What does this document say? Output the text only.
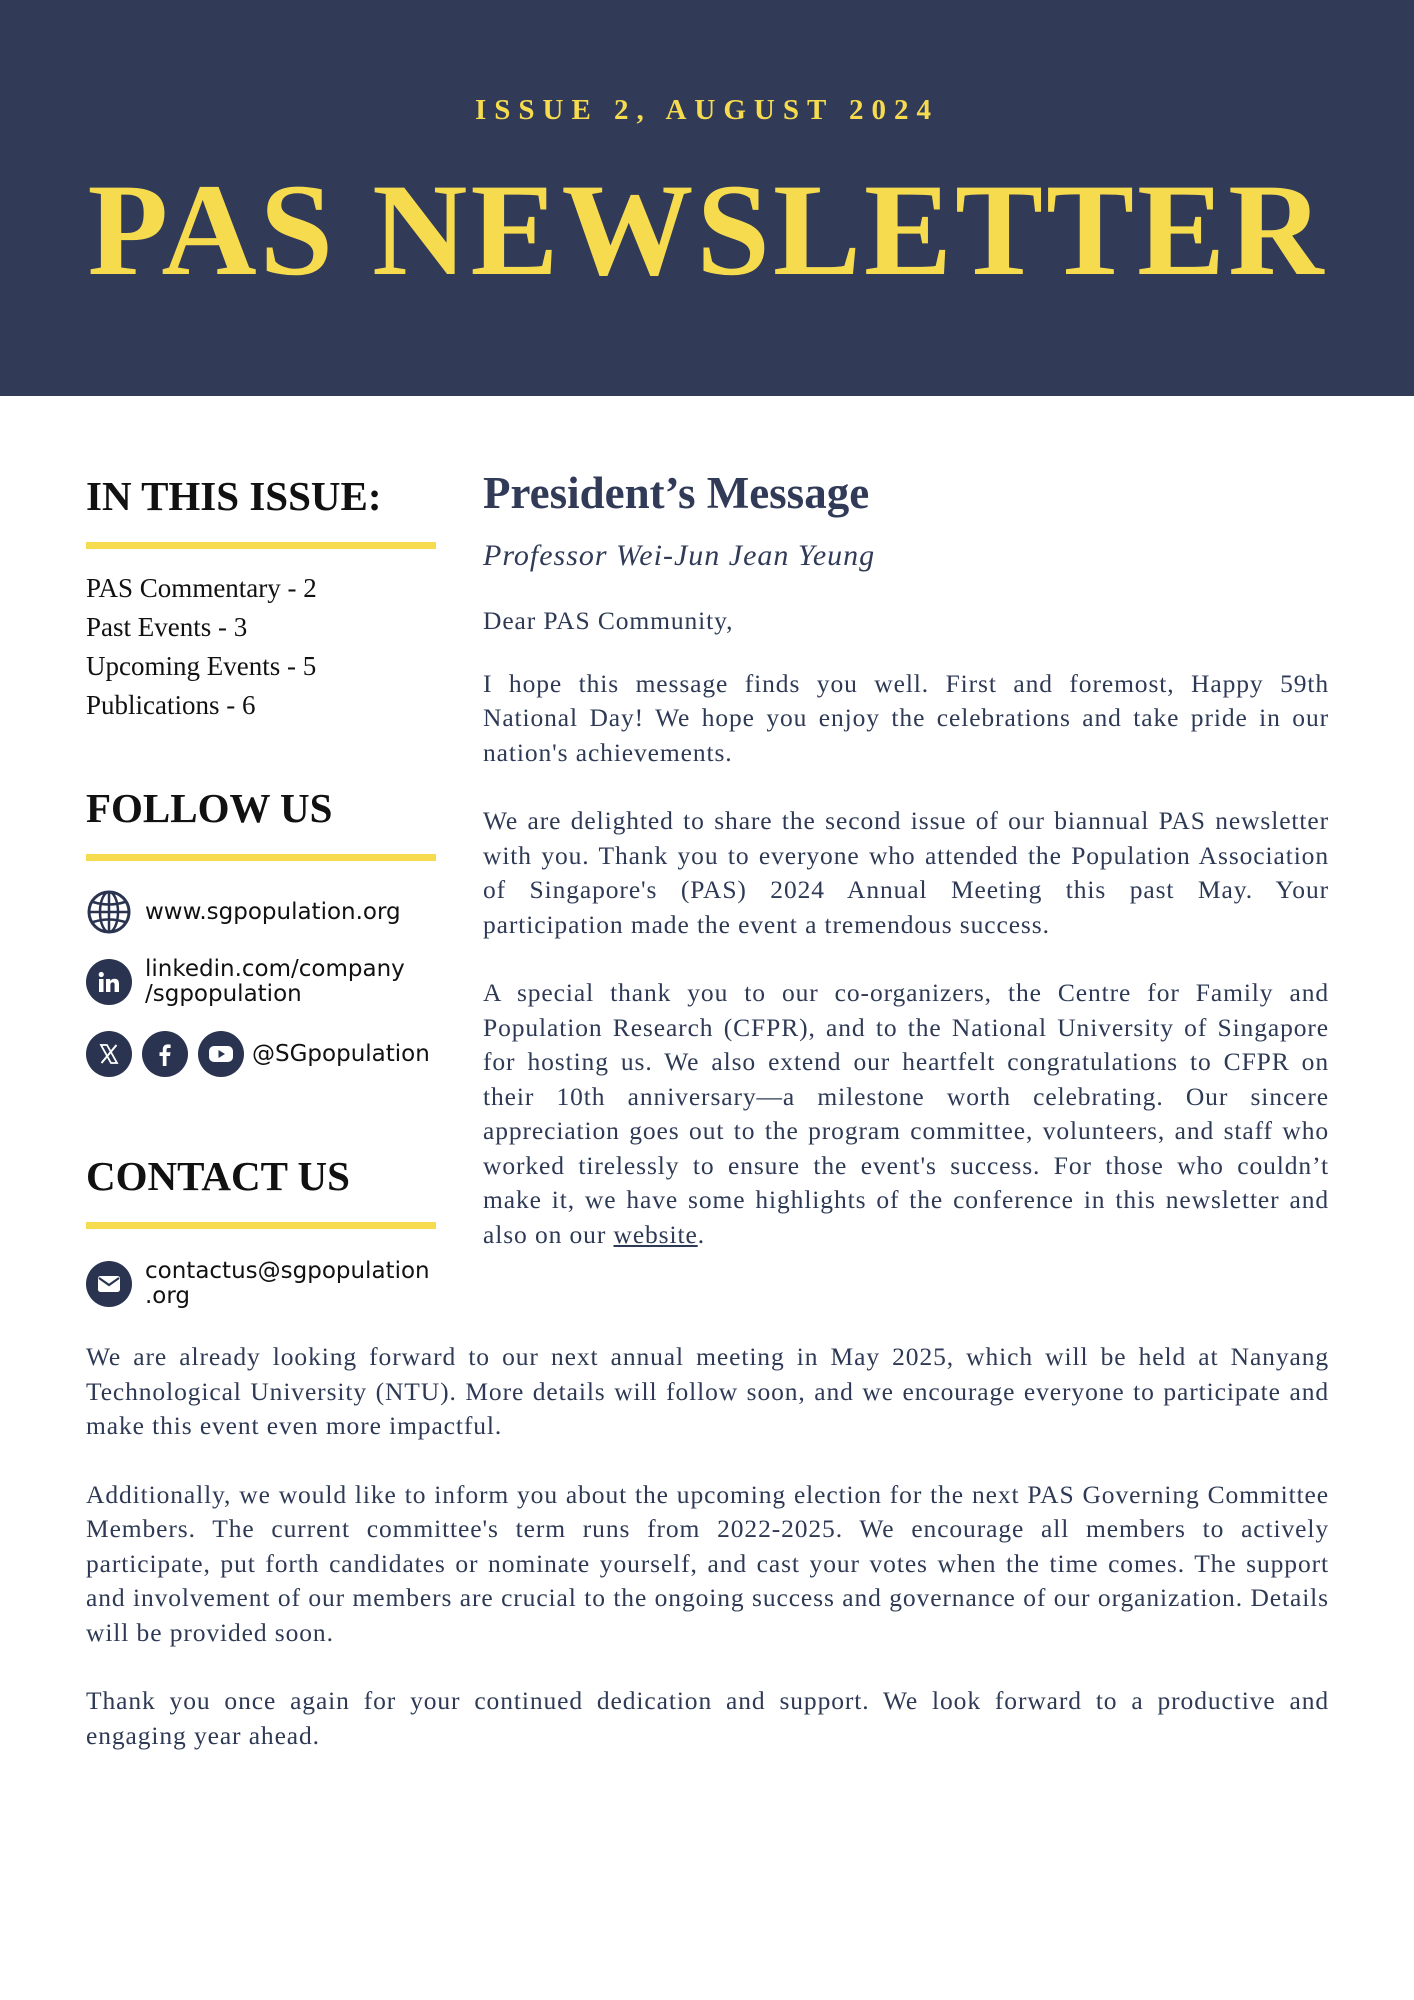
ISSUE 2, AUGUST 2024
PAS NEWSLETTER
IN THIS ISSUE:
PAS Commentary - 2
Past Events - 3
Upcoming Events - 5
Publications - 6
FOLLOW US
www.sgpopulation.org
linkedin.com/company
/sgpopulation
@SGpopulation
CONTACT US
contactus@sgpopulation
.org
President’s Message
Professor Wei-Jun Jean Yeung

Dear PAS Community,

I hope this message finds you well. First and foremost, Happy 59th National Day! We hope you enjoy the celebrations and take pride in our nation's achievements.

We are delighted to share the second issue of our biannual PAS newsletter with you. Thank you to everyone who attended the Population Association of Singapore's (PAS) 2024 Annual Meeting this past May. Your participation made the event a tremendous success.

A special thank you to our co-organizers, the Centre for Family and Population Research (CFPR), and to the National University of Singapore for hosting us. We also extend our heartfelt congratulations to CFPR on their 10th anniversary—a milestone worth celebrating. Our sincere appreciation goes out to the program committee, volunteers, and staff who worked tirelessly to ensure the event's success. For those who couldn’t make it, we have some highlights of the conference in this newsletter and also on our website.

We are already looking forward to our next annual meeting in May 2025, which will be held at Nanyang Technological University (NTU). More details will follow soon, and we encourage everyone to participate and make this event even more impactful.

Additionally, we would like to inform you about the upcoming election for the next PAS Governing Committee Members. The current committee's term runs from 2022-2025. We encourage all members to actively participate, put forth candidates or nominate yourself, and cast your votes when the time comes. The support and involvement of our members are crucial to the ongoing success and governance of our organization. Details will be provided soon.

Thank you once again for your continued dedication and support. We look forward to a productive and engaging year ahead.
